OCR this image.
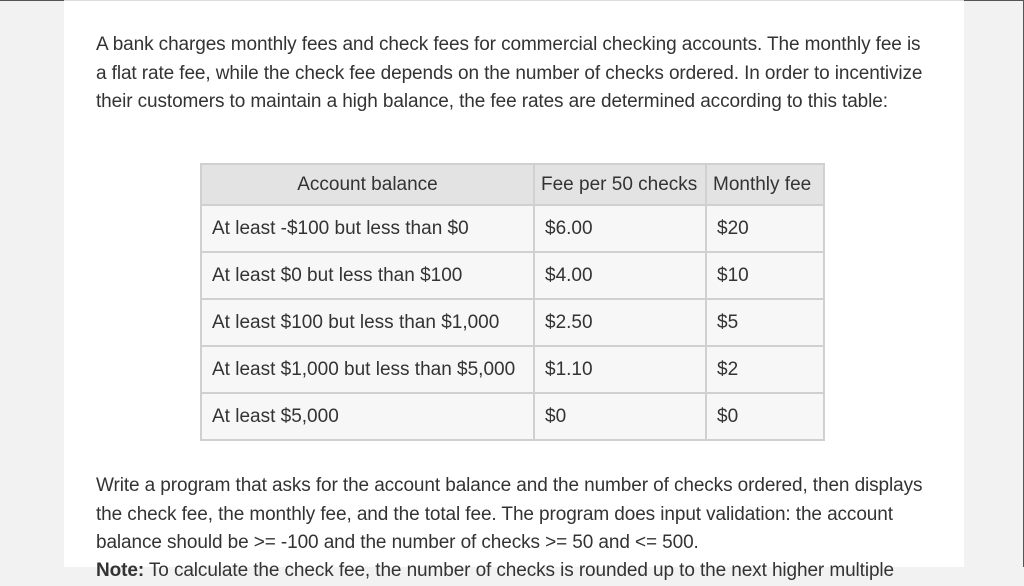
A bank charges monthly fees and check fees for commercial checking accounts. The monthly fee is a flat rate fee, while the check fee depends on the number of checks ordered. In order to incentivize their customers to maintain a high balance, the fee rates are determined according to this table:

Account balance	Fee per 50 checks	Monthly fee
At least -$100 but less than $0	$6.00	$20
At least $0 but less than $100	$4.00	$10
At least $100 but less than $1,000	$2.50	$5
At least $1,000 but less than $5,000	$1.10	$2
At least $5,000	$0	$0

Write a program that asks for the account balance and the number of checks ordered, then displays the check fee, the monthly fee, and the total fee. The program does input validation: the account balance should be >= -100 and the number of checks >= 50 and <= 500.

Note: To calculate the check fee, the number of checks is rounded up to the next higher multiple
